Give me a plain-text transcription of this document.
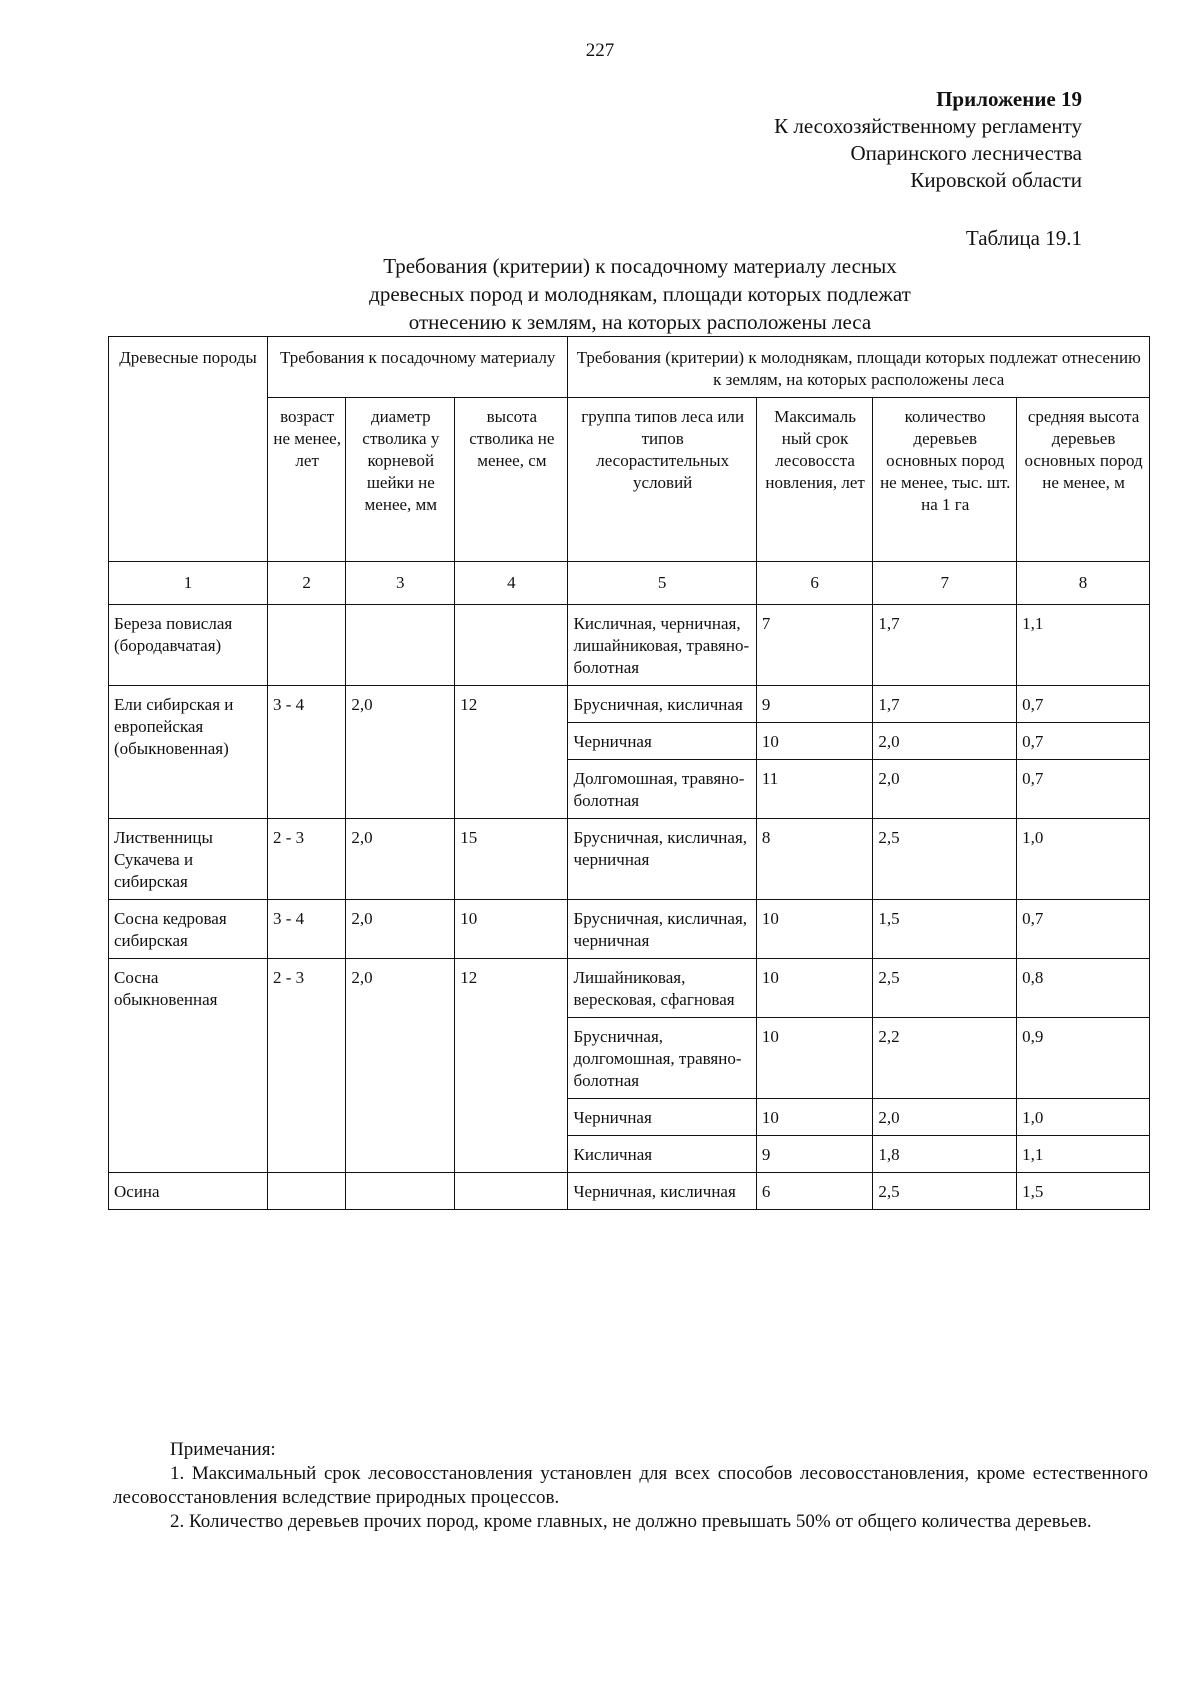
227
Приложение 19
К лесохозяйственному регламенту
Опаринского лесничества
Кировской области
Таблица 19.1
Требования (критерии) к посадочному материалу лесных
древесных пород и молоднякам, площади которых подлежат
отнесению к землям, на которых расположены леса
Древесные породы	Требования к посадочному материалу			Требования (критерии) к молоднякам, площади которых подлежат отнесению к землям, на которых расположены леса			
	возраст не менее, лет	диаметр стволика у корневой шейки не менее, мм	высота стволика не менее, см	группа типов леса или типов лесорастительных условий	Максималь ный срок лесовосста новления, лет	количество деревьев основных пород не менее, тыс. шт. на 1 га	средняя высота деревьев основных пород не менее, м
1	2	3	4	5	6	7	8
Береза повислая (бородавчатая)				Кисличная, черничная, лишайниковая, травяно-болотная	7	1,7	1,1
Ели сибирская и европейская (обыкновенная)	3 - 4	2,0	12	Брусничная, кисличная	9	1,7	0,7
				Черничная	10	2,0	0,7
				Долгомошная, травяно-болотная	11	2,0	0,7
Лиственницы Сукачева и сибирская	2 - 3	2,0	15	Брусничная, кисличная, черничная	8	2,5	1,0
Сосна кедровая сибирская	3 - 4	2,0	10	Брусничная, кисличная, черничная	10	1,5	0,7
Сосна обыкновенная	2 - 3	2,0	12	Лишайниковая, вересковая, сфагновая	10	2,5	0,8
				Брусничная, долгомошная, травяно-болотная	10	2,2	0,9
				Черничная	10	2,0	1,0
				Кисличная	9	1,8	1,1
Осина				Черничная, кисличная	6	2,5	1,5
Примечания:

1. Максимальный срок лесовосстановления установлен для всех способов лесовосстановления, кроме естественного лесовосстановления вследствие природных процессов.

2. Количество деревьев прочих пород, кроме главных, не должно превышать 50% от общего количества деревьев.
